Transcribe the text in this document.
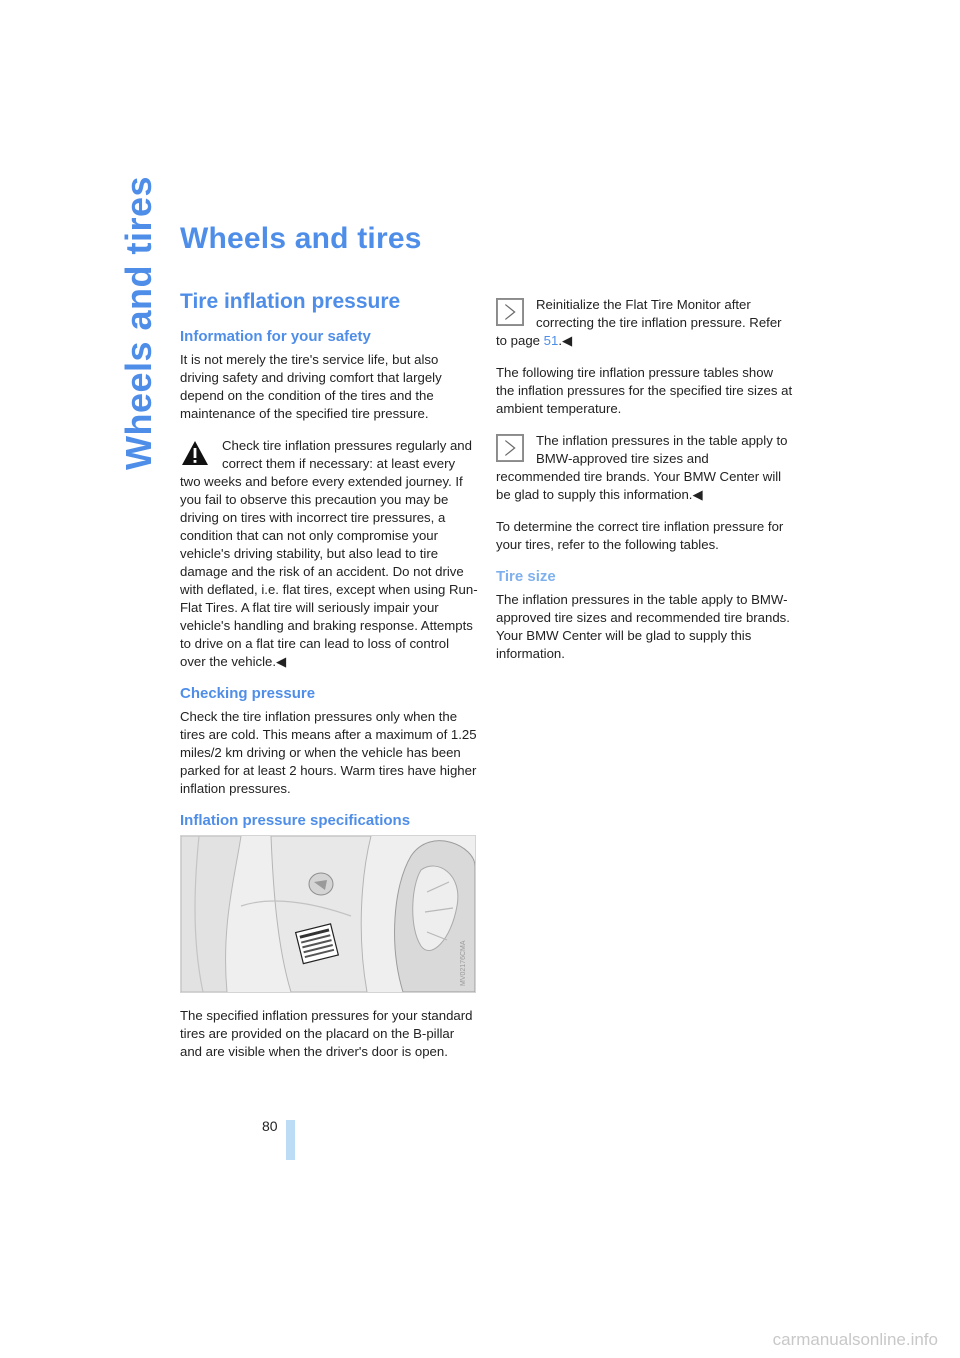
Wheels and tires Wheels and tires
Tire inflation pressure
Information for your safety

It is not merely the tire's service life, but also driving safety and driving comfort that largely depend on the condition of the tires and the maintenance of the specified tire pressure.

Check tire inflation pressures regularly and correct them if necessary: at least every two weeks and before every extended journey. If you fail to observe this precaution you may be driving on tires with incorrect tire pressures, a condition that can not only compromise your vehicle's driving stability, but also lead to tire damage and the risk of an accident. Do not drive with deflated, i.e. flat tires, except when using Run-Flat Tires. A flat tire will seriously impair your vehicle's handling and braking response. Attempts to drive on a flat tire can lead to loss of control over the vehicle.◀

Checking pressure

Check the tire inflation pressures only when the tires are cold. This means after a maximum of 1.25 miles/2 km driving or when the vehicle has been parked for at least 2 hours. Warm tires have higher inflation pressures.

Inflation pressure specifications
MV02176CMA

The specified inflation pressures for your standard tires are provided on the placard on the B-pillar and are visible when the driver's door is open.

Reinitialize the Flat Tire Monitor after correcting the tire inflation pressure. Refer to page 51.◀

The following tire inflation pressure tables show the inflation pressures for the specified tire sizes at ambient temperature.

The inflation pressures in the table apply to BMW-approved tire sizes and recommended tire brands. Your BMW Center will be glad to supply this information.◀

To determine the correct tire inflation pressure for your tires, refer to the following tables.

Tire size

The inflation pressures in the table apply to BMW-approved tire sizes and recommended tire brands. Your BMW Center will be glad to supply this information.

80
carmanualsonline.info
